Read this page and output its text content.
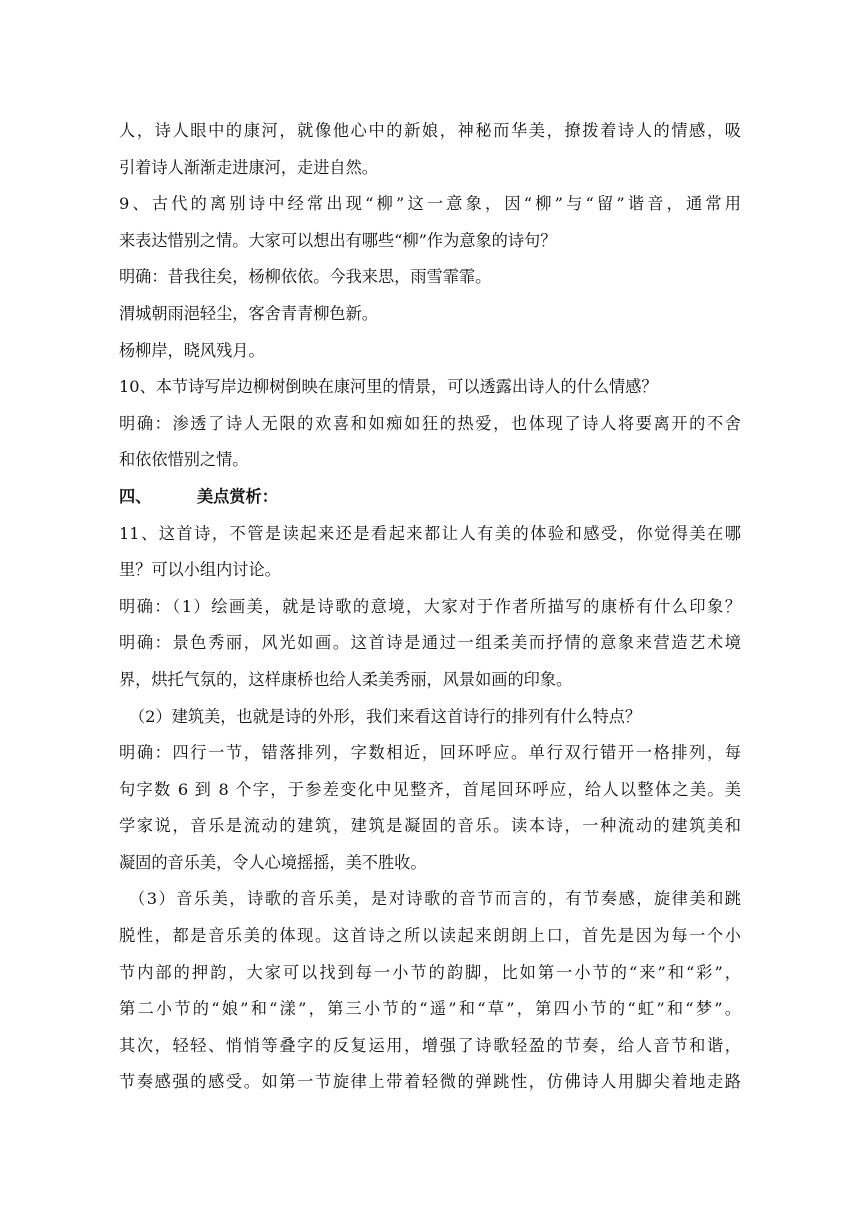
人，诗人眼中的康河，就像他心中的新娘，神秘而华美，撩拨着诗人的情感，吸
引着诗人渐渐走进康河，走进自然。
9、古代的离别诗中经常出现“柳”这一意象，因“柳”与“留”谐音，通常用
来表达惜别之情。大家可以想出有哪些“柳”作为意象的诗句？
明确：昔我往矣，杨柳依依。今我来思，雨雪霏霏。
渭城朝雨浥轻尘，客舍青青柳色新。
杨柳岸，晓风残月。
10、本节诗写岸边柳树倒映在康河里的情景，可以透露出诗人的什么情感？
明确：渗透了诗人无限的欢喜和如痴如狂的热爱，也体现了诗人将要离开的不舍
和依依惜别之情。
四、	美点赏析：
11、这首诗，不管是读起来还是看起来都让人有美的体验和感受，你觉得美在哪
里？可以小组内讨论。
明确：（1）绘画美，就是诗歌的意境，大家对于作者所描写的康桥有什么印象？
明确：景色秀丽，风光如画。这首诗是通过一组柔美而抒情的意象来营造艺术境
界，烘托气氛的，这样康桥也给人柔美秀丽，风景如画的印象。
（2）建筑美，也就是诗的外形，我们来看这首诗行的排列有什么特点？
明确：四行一节，错落排列，字数相近，回环呼应。单行双行错开一格排列，每
句字数 6 到 8 个字，于参差变化中见整齐，首尾回环呼应，给人以整体之美。美
学家说，音乐是流动的建筑，建筑是凝固的音乐。读本诗，一种流动的建筑美和
凝固的音乐美，令人心境摇摇，美不胜收。
（3）音乐美，诗歌的音乐美，是对诗歌的音节而言的，有节奏感，旋律美和跳
脱性，都是音乐美的体现。这首诗之所以读起来朗朗上口，首先是因为每一个小
节内部的押韵，大家可以找到每一小节的韵脚，比如第一小节的“来”和“彩”，
第二小节的“娘”和“漾”，第三小节的“遥”和“草”，第四小节的“虹”和“梦”。
其次，轻轻、悄悄等叠字的反复运用，增强了诗歌轻盈的节奏，给人音节和谐，
节奏感强的感受。如第一节旋律上带着轻微的弹跳性，仿佛诗人用脚尖着地走路
